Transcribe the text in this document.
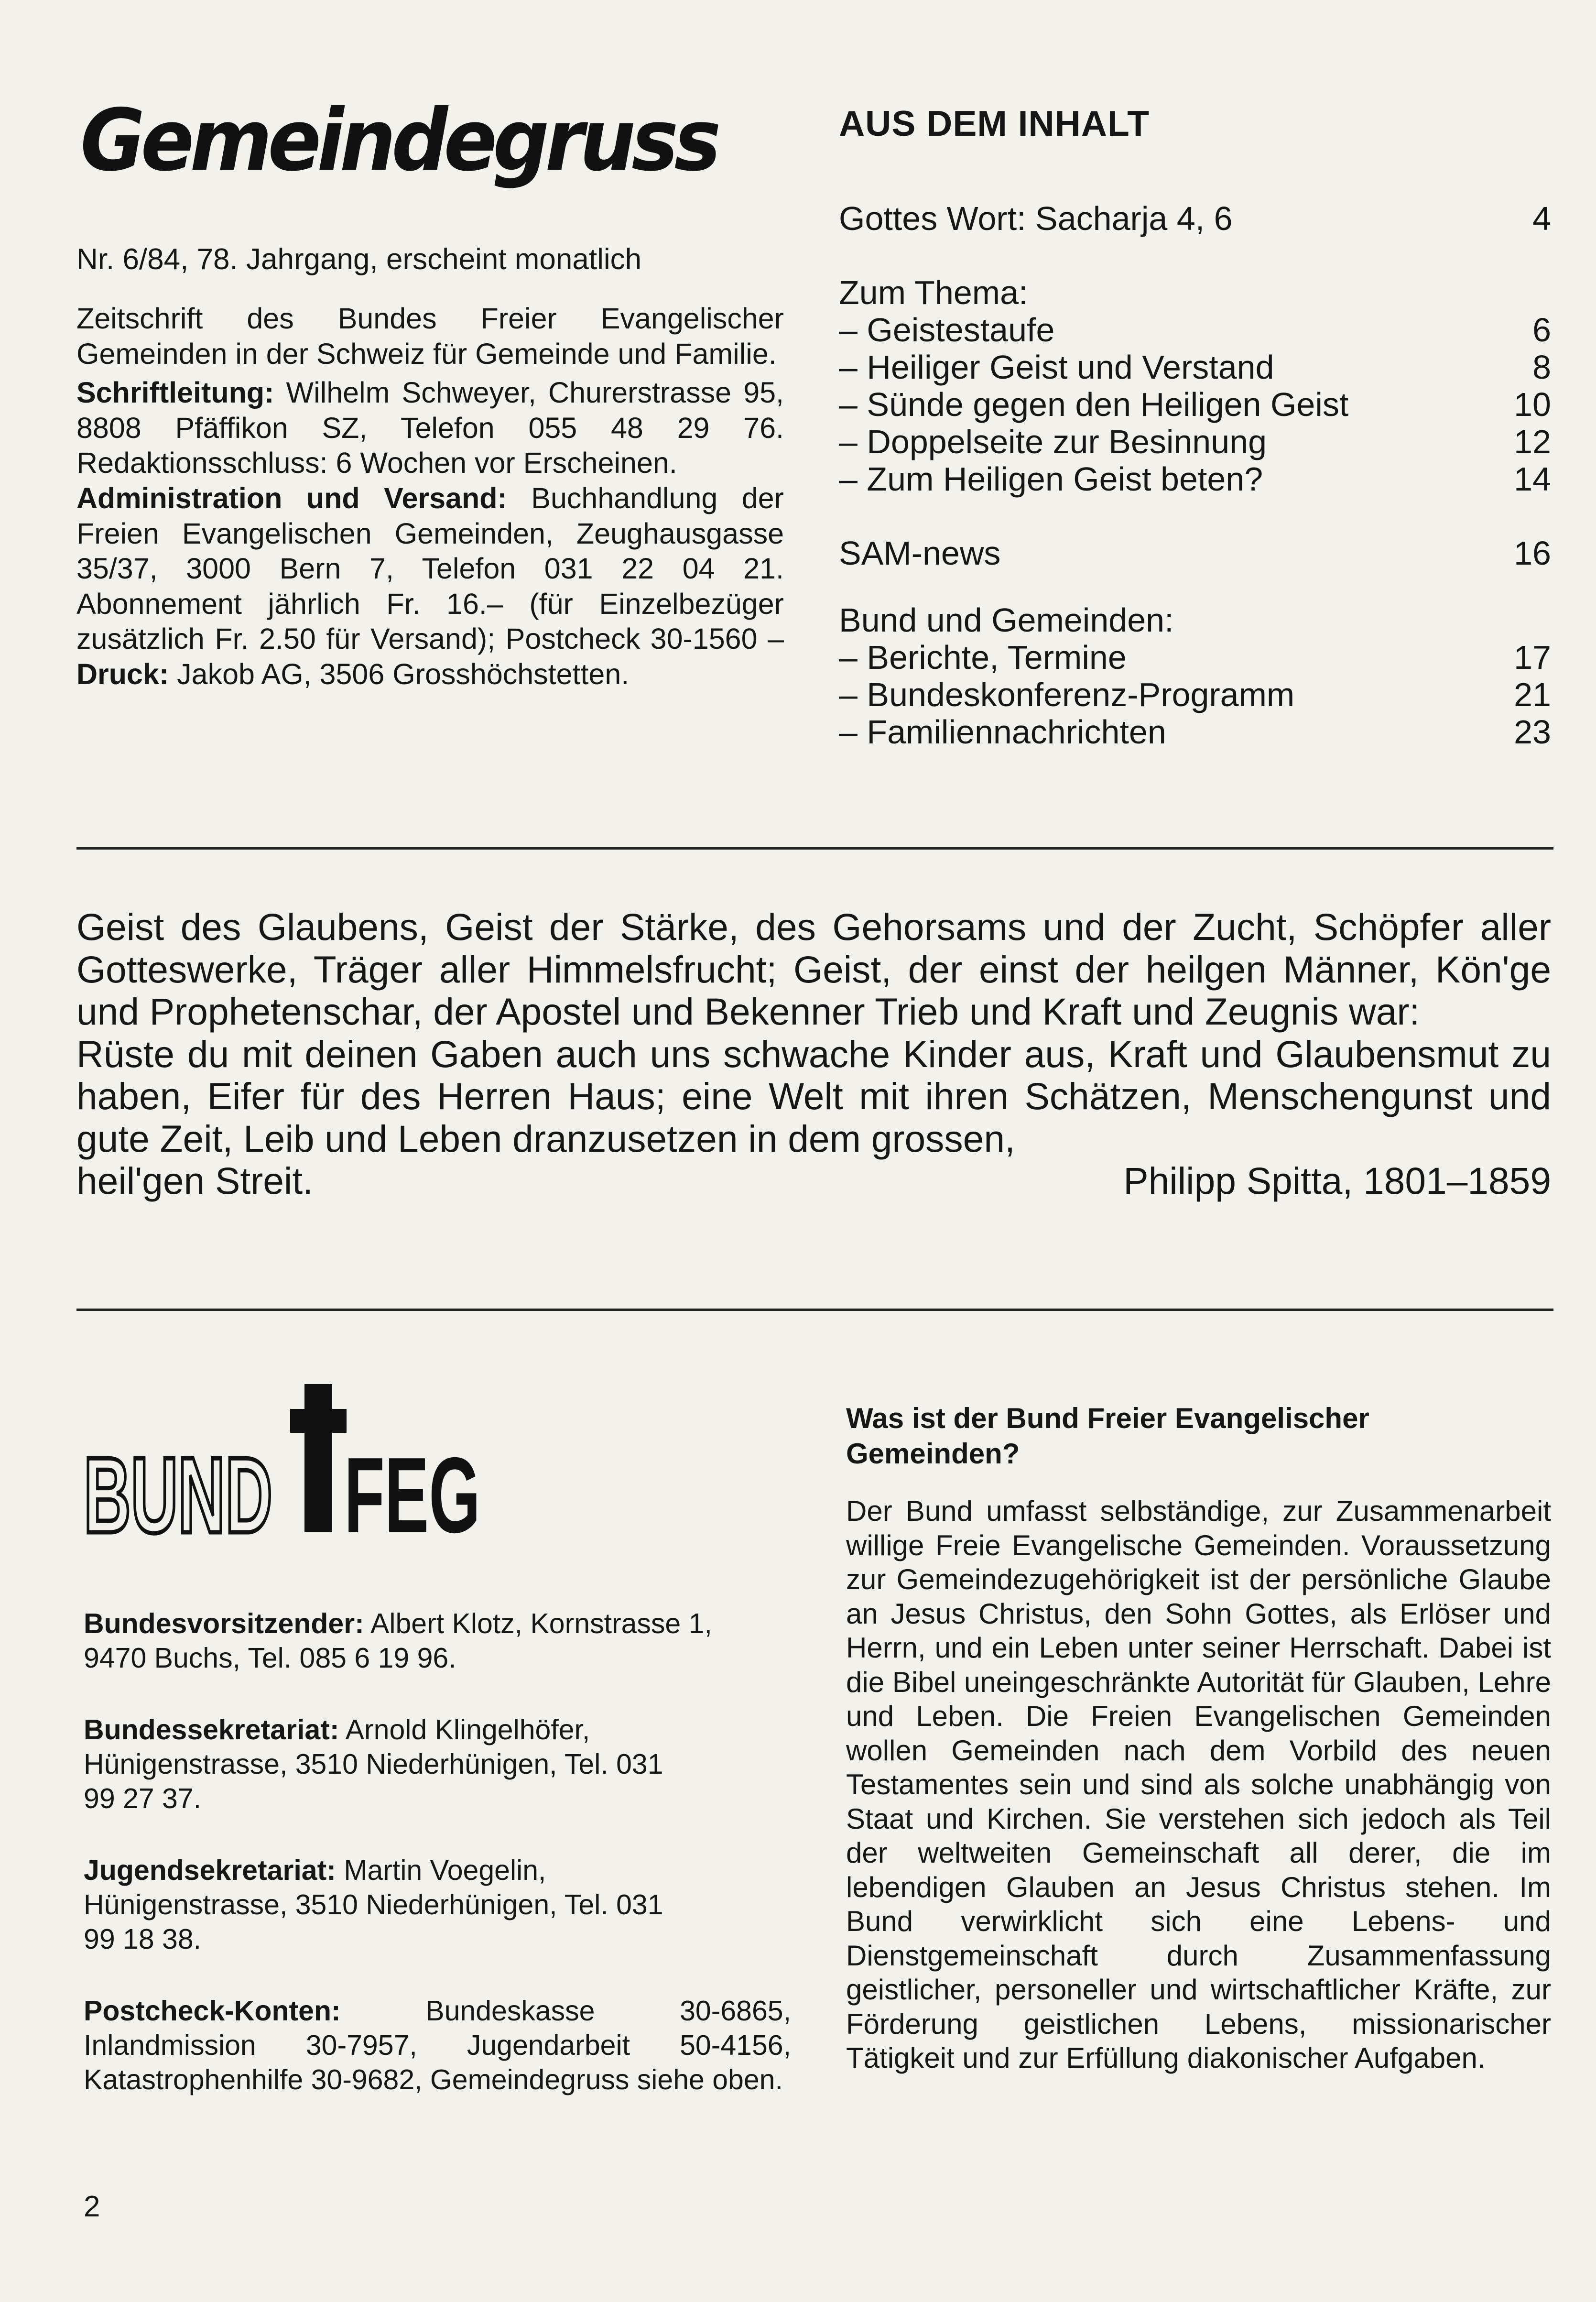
Gemeindegruss
Nr. 6/84, 78. Jahrgang, erscheint monatlich

Zeitschrift des Bundes Freier Evangelischer Gemeinden in der Schweiz für Gemeinde und Familie.

Schriftleitung: Wilhelm Schweyer, Churerstrasse 95, 8808 Pfäffikon SZ, Telefon 055 48 29 76. Redaktionsschluss: 6 Wochen vor Erscheinen.

Administration und Versand: Buchhandlung der Freien Evangelischen Gemeinden, Zeughausgasse 35/37, 3000 Bern 7, Telefon 031 22 04 21. Abonnement jährlich Fr. 16.– (für Einzelbezüger zusätzlich Fr. 2.50 für Versand); Postcheck 30-1560 – Druck: Jakob AG, 3506 Grosshöchstetten.

AUS DEM INHALT
Gottes Wort: Sacharja 4, 6	4
Zum Thema:
– Geistestaufe	6
– Heiliger Geist und Verstand	8
– Sünde gegen den Heiligen Geist	10
– Doppelseite zur Besinnung	12
– Zum Heiligen Geist beten?	14
SAM-news	16
Bund und Gemeinden:
– Berichte, Termine	17
– Bundeskonferenz-Programm	21
– Familiennachrichten	23

Geist des Glaubens, Geist der Stärke, des Gehorsams und der Zucht, Schöpfer aller Gotteswerke, Träger aller Himmelsfrucht; Geist, der einst der heilgen Männer, Kön'ge und Prophetenschar, der Apostel und Bekenner Trieb und Kraft und Zeugnis war:

Rüste du mit deinen Gaben auch uns schwache Kinder aus, Kraft und Glaubensmut zu haben, Eifer für des Herren Haus; eine Welt mit ihren Schätzen, Menschengunst und gute Zeit, Leib und Leben dranzusetzen in dem grossen,

heil'gen Streit.	Philipp Spitta, 1801–1859
BUND FEG

Bundesvorsitzender: Albert Klotz, Kornstrasse 1, 9470 Buchs, Tel. 085 6 19 96.

Bundessekretariat: Arnold Klingelhöfer, Hünigenstrasse, 3510 Niederhünigen, Tel. 031 99 27 37.

Jugendsekretariat: Martin Voegelin, Hünigenstrasse, 3510 Niederhünigen, Tel. 031 99 18 38.

Postcheck-Konten: Bundeskasse 30-6865, Inlandmission 30-7957, Jugendarbeit 50-4156, Katastrophenhilfe 30-9682, Gemeindegruss siehe oben.

Was ist der Bund Freier Evangelischer Gemeinden?
Der Bund umfasst selbständige, zur Zusammenarbeit willige Freie Evangelische Gemeinden. Voraussetzung zur Gemeindezugehörigkeit ist der persönliche Glaube an Jesus Christus, den Sohn Gottes, als Erlöser und Herrn, und ein Leben unter seiner Herrschaft. Dabei ist die Bibel uneingeschränkte Autorität für Glauben, Lehre und Leben. Die Freien Evangelischen Gemeinden wollen Gemeinden nach dem Vorbild des neuen Testamentes sein und sind als solche unabhängig von Staat und Kirchen. Sie verstehen sich jedoch als Teil der weltweiten Gemeinschaft all derer, die im lebendigen Glauben an Jesus Christus stehen. Im Bund verwirklicht sich eine Lebens- und Dienstgemeinschaft durch Zusammenfassung geistlicher, personeller und wirtschaftlicher Kräfte, zur Förderung geistlichen Lebens, missionarischer Tätigkeit und zur Erfüllung diakonischer Aufgaben.
2
